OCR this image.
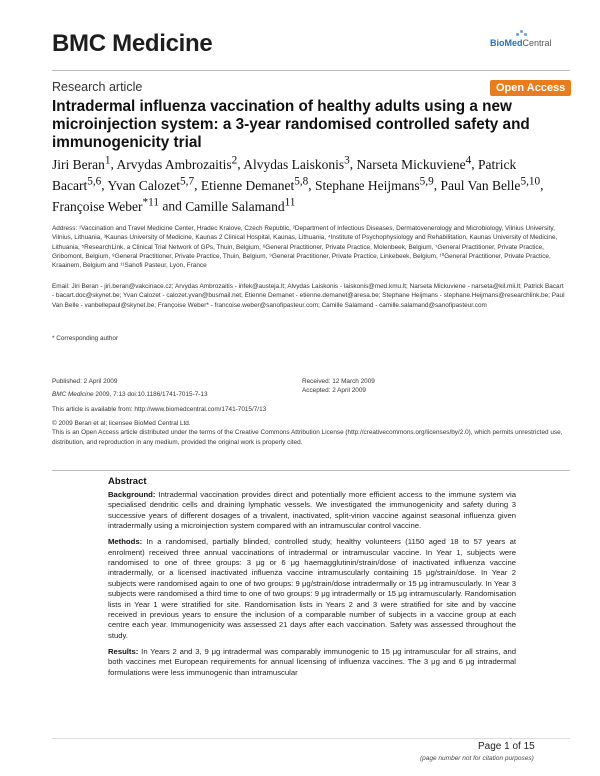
BMC Medicine	BioMedCentral
Research article	Open Access
Intradermal influenza vaccination of healthy adults using a new microinjection system: a 3-year randomised controlled safety and immunogenicity trial
Jiri Beran$^1$, Arvydas Ambrozaitis$^2$, Alvydas Laiskonis$^3$, Narseta Mickuviene$^4$, Patrick Bacart$^{5,6}$, Yvan Calozet$^{5,7}$, Etienne Demanet$^{5,8}$, Stephane Heijmans$^{5,9}$, Paul Van Belle$^{5,10}$, Françoise Weber$^{*11}$ and Camille Salamand$^{11}$
Address: ¹Vaccination and Travel Medicine Center, Hradec Kralove, Czech Republic, ²Department of Infectious Diseases, Dermatovenerology and Microbiology, Vilnius University, Vilnius, Lithuania, ³Kaunas University of Medicine, Kaunas 2 Clinical Hospital, Kaunas, Lithuania, ⁴Institute of Psychophysiology and Rehabilitation, Kaunas University of Medicine, Lithuania, ⁵ResearchLink, a Clinical Trial Network of GPs, Thuin, Belgium, ⁶General Practitioner, Private Practice, Molenbeek, Belgium, ⁷General Practitioner, Private Practice, Gribomont, Belgium, ⁸General Practitioner, Private Practice, Thuin, Belgium, ⁹General Practitioner, Private Practice, Linkebeek, Belgium, ¹⁰General Practitioner, Private Practice, Kraainem, Belgium and ¹¹Sanofi Pasteur, Lyon, France
Email: Jiri Beran - jiri.beran@vakcinace.cz; Arvydas Ambrozaitis - infek@austeja.lt; Alvydas Laiskonis - laiskonis@med.kmu.lt; Narseta Mickuviene - narseta@kil.mii.lt; Patrick Bacart - bacart.doc@skynet.be; Yvan Calozet - calozet.yvan@busmail.net; Etienne Demanet - etienne.demanet@aresa.be; Stephane Heijmans - stephane.Heijmans@researchlink.be; Paul Van Belle - vanbellepaul@skynet.be; Françoise Weber* - francoise.weber@sanofipasteur.com; Camille Salamand - camille.salamand@sanofipasteur.com
* Corresponding author
Published: 2 April 2009	Received: 12 March 2009
Accepted: 2 April 2009
BMC Medicine 2009, 7:13 doi:10.1186/1741-7015-7-13
This article is available from: http://www.biomedcentral.com/1741-7015/7/13
© 2009 Beran et al; licensee BioMed Central Ltd.
This is an Open Access article distributed under the terms of the Creative Commons Attribution License (http://creativecommons.org/licenses/by/2.0), which permits unrestricted use, distribution, and reproduction in any medium, provided the original work is properly cited.
Abstract

Background: Intradermal vaccination provides direct and potentially more efficient access to the immune system via specialised dendritic cells and draining lymphatic vessels. We investigated the immunogenicity and safety during 3 successive years of different dosages of a trivalent, inactivated, split-virion vaccine against seasonal influenza given intradermally using a microinjection system compared with an intramuscular control vaccine.

Methods: In a randomised, partially blinded, controlled study, healthy volunteers (1150 aged 18 to 57 years at enrolment) received three annual vaccinations of intradermal or intramuscular vaccine. In Year 1, subjects were randomised to one of three groups: 3 μg or 6 μg haemagglutinin/strain/dose of inactivated influenza vaccine intradermally, or a licensed inactivated influenza vaccine intramuscularly containing 15 μg/strain/dose. In Year 2 subjects were randomised again to one of two groups: 9 μg/strain/dose intradermally or 15 μg intramuscularly. In Year 3 subjects were randomised a third time to one of two groups: 9 μg intradermally or 15 μg intramuscularly. Randomisation lists in Year 1 were stratified for site. Randomisation lists in Years 2 and 3 were stratified for site and by vaccine received in previous years to ensure the inclusion of a comparable number of subjects in a vaccine group at each centre each year. Immunogenicity was assessed 21 days after each vaccination. Safety was assessed throughout the study.

Results: In Years 2 and 3, 9 μg intradermal was comparably immunogenic to 15 μg intramuscular for all strains, and both vaccines met European requirements for annual licensing of influenza vaccines. The 3 μg and 6 μg intradermal formulations were less immunogenic than intramuscular

Page 1 of 15
(page number not for citation purposes)
